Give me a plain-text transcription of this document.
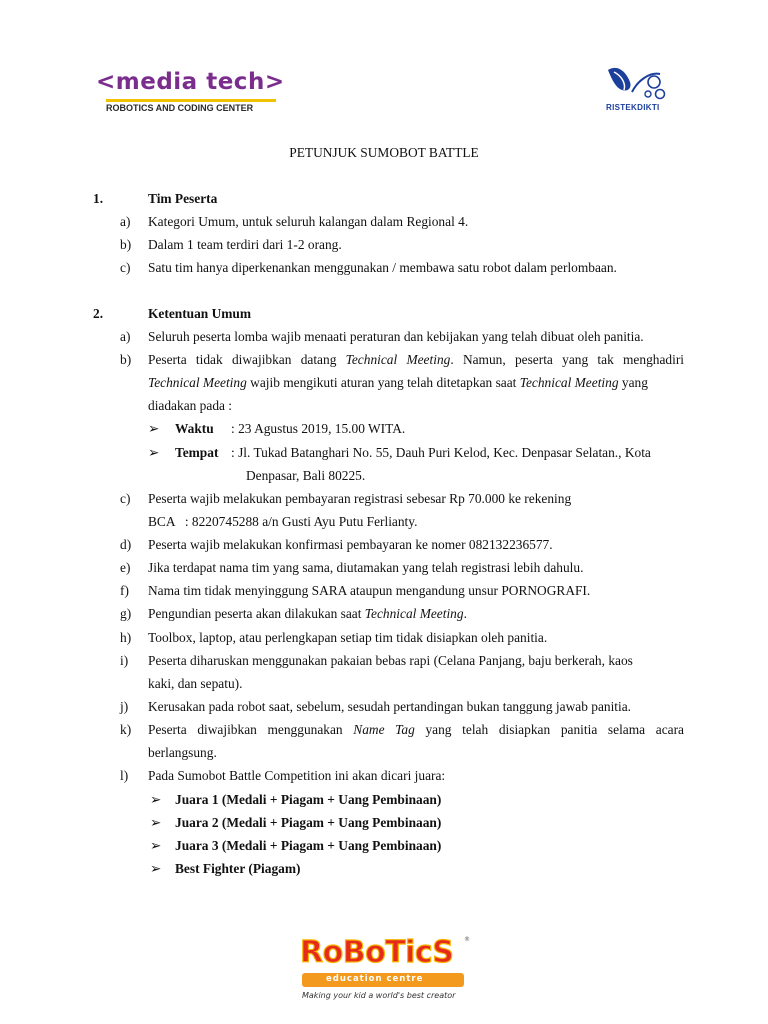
<media tech>
ROBOTICS AND CODING CENTER	RISTEKDIKTI
PETUNJUK SUMOBOT BATTLE
1.	Tim Peserta
a) Kategori Umum, untuk seluruh kalangan dalam Regional 4.
b) Dalam 1 team terdiri dari 1-2 orang.
c) Satu tim hanya diperkenankan menggunakan / membawa satu robot dalam perlombaan.
2.	Ketentuan Umum
a) Seluruh peserta lomba wajib menaati peraturan dan kebijakan yang telah dibuat oleh panitia.
b) Peserta tidak diwajibkan datang Technical Meeting. Namun, peserta yang tak menghadiri
Technical Meeting wajib mengikuti aturan yang telah ditetapkan saat Technical Meeting yang
diadakan pada :
➢ Waktu : 23 Agustus 2019, 15.00 WITA.
➢ Tempat : Jl. Tukad Batanghari No. 55, Dauh Puri Kelod, Kec. Denpasar Selatan., Kota
Denpasar, Bali 80225.
c) Peserta wajib melakukan pembayaran registrasi sebesar Rp 70.000 ke rekening
BCA   : 8220745288 a/n Gusti Ayu Putu Ferlianty.
d) Peserta wajib melakukan konfirmasi pembayaran ke nomer 082132236577.
e) Jika terdapat nama tim yang sama, diutamakan yang telah registrasi lebih dahulu.
f) Nama tim tidak menyinggung SARA ataupun mengandung unsur PORNOGRAFI.
g) Pengundian peserta akan dilakukan saat Technical Meeting.
h) Toolbox, laptop, atau perlengkapan setiap tim tidak disiapkan oleh panitia.
i) Peserta diharuskan menggunakan pakaian bebas rapi (Celana Panjang, baju berkerah, kaos
kaki, dan sepatu).
j) Kerusakan pada robot saat, sebelum, sesudah pertandingan bukan tanggung jawab panitia.
k) Peserta diwajibkan menggunakan Name Tag yang telah disiapkan panitia selama acara
berlangsung.
l) Pada Sumobot Battle Competition ini akan dicari juara:
➢ Juara 1 (Medali + Piagam + Uang Pembinaan)
➢ Juara 2 (Medali + Piagam + Uang Pembinaan)
➢ Juara 3 (Medali + Piagam + Uang Pembinaan)
➢ Best Fighter (Piagam)
RoBoTicS ®
education centre
Making your kid a world's best creator
